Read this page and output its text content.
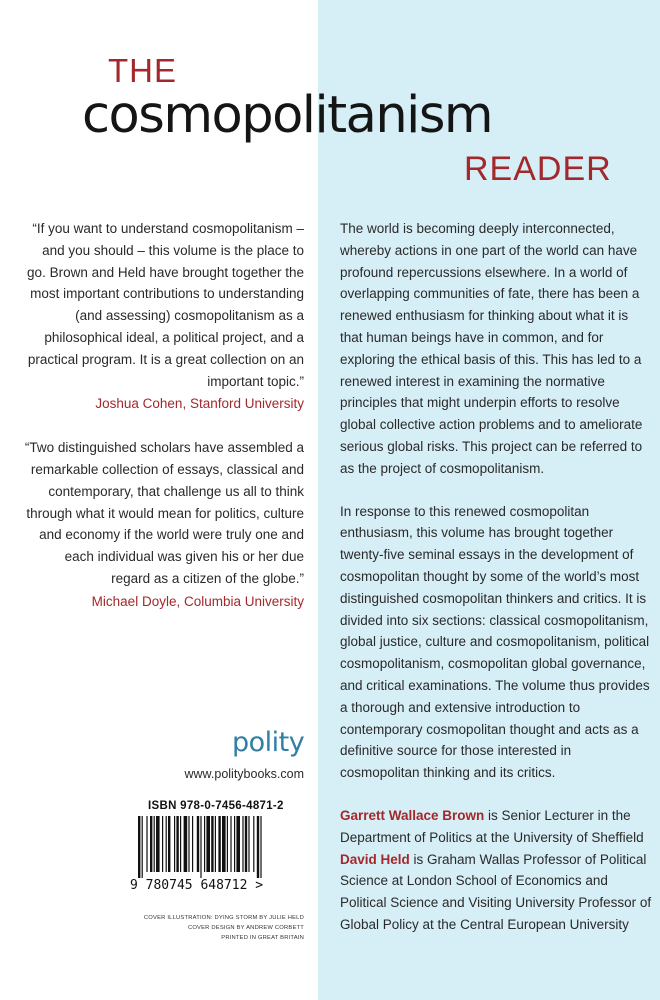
THE
cosmopolitanism
READER
“If you want to understand cosmopolitanism – and you should – this volume is the place to go. Brown and Held have brought together the most important contributions to understanding (and assessing) cosmopolitanism as a philosophical ideal, a political project, and a practical program. It is a great collection on an important topic.”
Joshua Cohen, Stanford University
“Two distinguished scholars have assembled a remarkable collection of essays, classical and contemporary, that challenge us all to think through what it would mean for politics, culture and economy if the world were truly one and each individual was given his or her due regard as a citizen of the globe.”
Michael Doyle, Columbia University

The world is becoming deeply interconnected, whereby actions in one part of the world can have profound repercussions elsewhere. In a world of overlapping communities of fate, there has been a renewed enthusiasm for thinking about what it is that human beings have in common, and for exploring the ethical basis of this. This has led to a renewed interest in examining the normative principles that might underpin efforts to resolve global collective action problems and to ameliorate serious global risks. This project can be referred to as the project of cosmopolitanism.

In response to this renewed cosmopolitan enthusiasm, this volume has brought together twenty-five seminal essays in the development of cosmopolitan thought by some of the world’s most distinguished cosmopolitan thinkers and critics. It is divided into six sections: classical cosmopolitanism, global justice, culture and cosmopolitanism, political cosmopolitanism, cosmopolitan global governance, and critical examinations. The volume thus provides a thorough and extensive introduction to contemporary cosmopolitan thought and acts as a definitive source for those interested in cosmopolitan thinking and its critics.

Garrett Wallace Brown is Senior Lecturer in the Department of Politics at the University of Sheffield
David Held is Graham Wallas Professor of Political Science at London School of Economics and Political Science and Visiting University Professor of Global Policy at the Central European University
polity
www.politybooks.com
ISBN 978-0-7456-4871-2
9 780745 648712 >
COVER ILLUSTRATION: DYING STORM BY JULIE HELD
COVER DESIGN BY ANDREW CORBETT
PRINTED IN GREAT BRITAIN
